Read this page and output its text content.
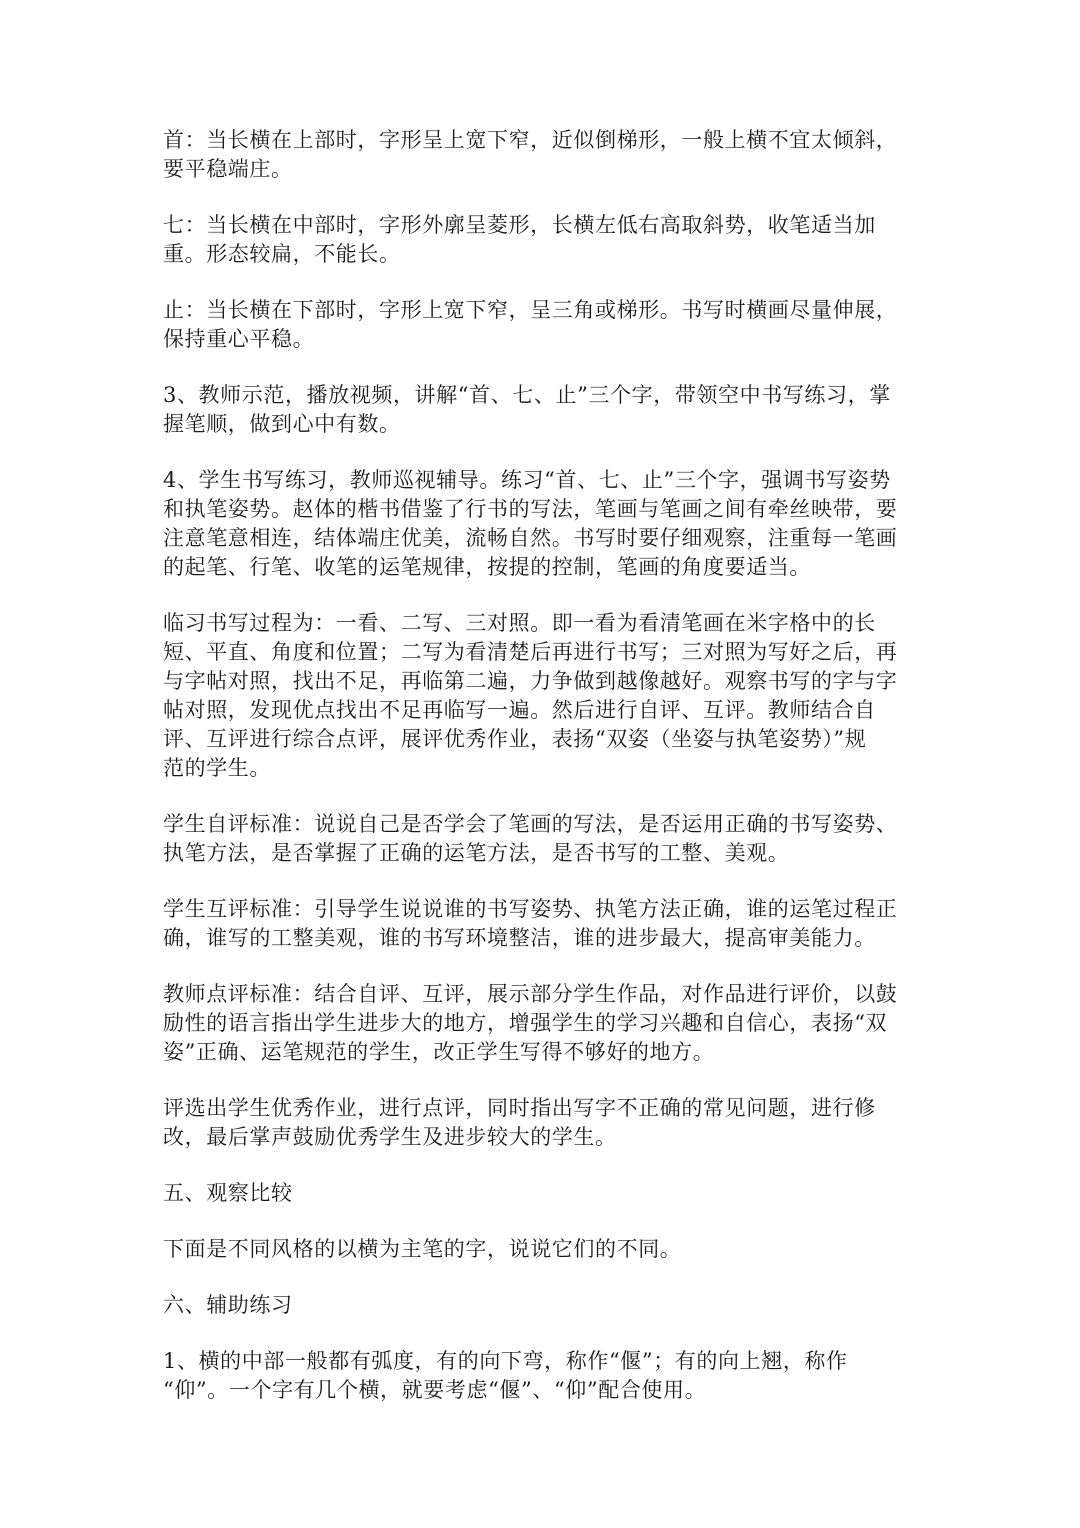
首：当长横在上部时，字形呈上宽下窄，近似倒梯形，一般上横不宜太倾斜，
要平稳端庄。

七：当长横在中部时，字形外廓呈菱形，长横左低右高取斜势，收笔适当加
重。形态较扁，不能长。

止：当长横在下部时，字形上宽下窄，呈三角或梯形。书写时横画尽量伸展，
保持重心平稳。

3、教师示范，播放视频，讲解“首、七、止”三个字，带领空中书写练习，掌
握笔顺，做到心中有数。

4、学生书写练习，教师巡视辅导。练习“首、七、止”三个字，强调书写姿势
和执笔姿势。赵体的楷书借鉴了行书的写法，笔画与笔画之间有牵丝映带，要
注意笔意相连，结体端庄优美，流畅自然。书写时要仔细观察，注重每一笔画
的起笔、行笔、收笔的运笔规律，按提的控制，笔画的角度要适当。

临习书写过程为：一看、二写、三对照。即一看为看清笔画在米字格中的长
短、平直、角度和位置；二写为看清楚后再进行书写；三对照为写好之后，再
与字帖对照，找出不足，再临第二遍，力争做到越像越好。观察书写的字与字
帖对照，发现优点找出不足再临写一遍。然后进行自评、互评。教师结合自
评、互评进行综合点评，展评优秀作业，表扬“双姿（坐姿与执笔姿势）”规
范的学生。

学生自评标准：说说自己是否学会了笔画的写法，是否运用正确的书写姿势、
执笔方法，是否掌握了正确的运笔方法，是否书写的工整、美观。

学生互评标准：引导学生说说谁的书写姿势、执笔方法正确，谁的运笔过程正
确，谁写的工整美观，谁的书写环境整洁，谁的进步最大，提高审美能力。

教师点评标准：结合自评、互评，展示部分学生作品，对作品进行评价，以鼓
励性的语言指出学生进步大的地方，增强学生的学习兴趣和自信心，表扬“双
姿”正确、运笔规范的学生，改正学生写得不够好的地方。

评选出学生优秀作业，进行点评，同时指出写字不正确的常见问题，进行修
改，最后掌声鼓励优秀学生及进步较大的学生。

五、观察比较

下面是不同风格的以横为主笔的字，说说它们的不同。

六、辅助练习

1、横的中部一般都有弧度，有的向下弯，称作“偃”；有的向上翘，称作
“仰”。一个字有几个横，就要考虑“偃”、“仰”配合使用。
